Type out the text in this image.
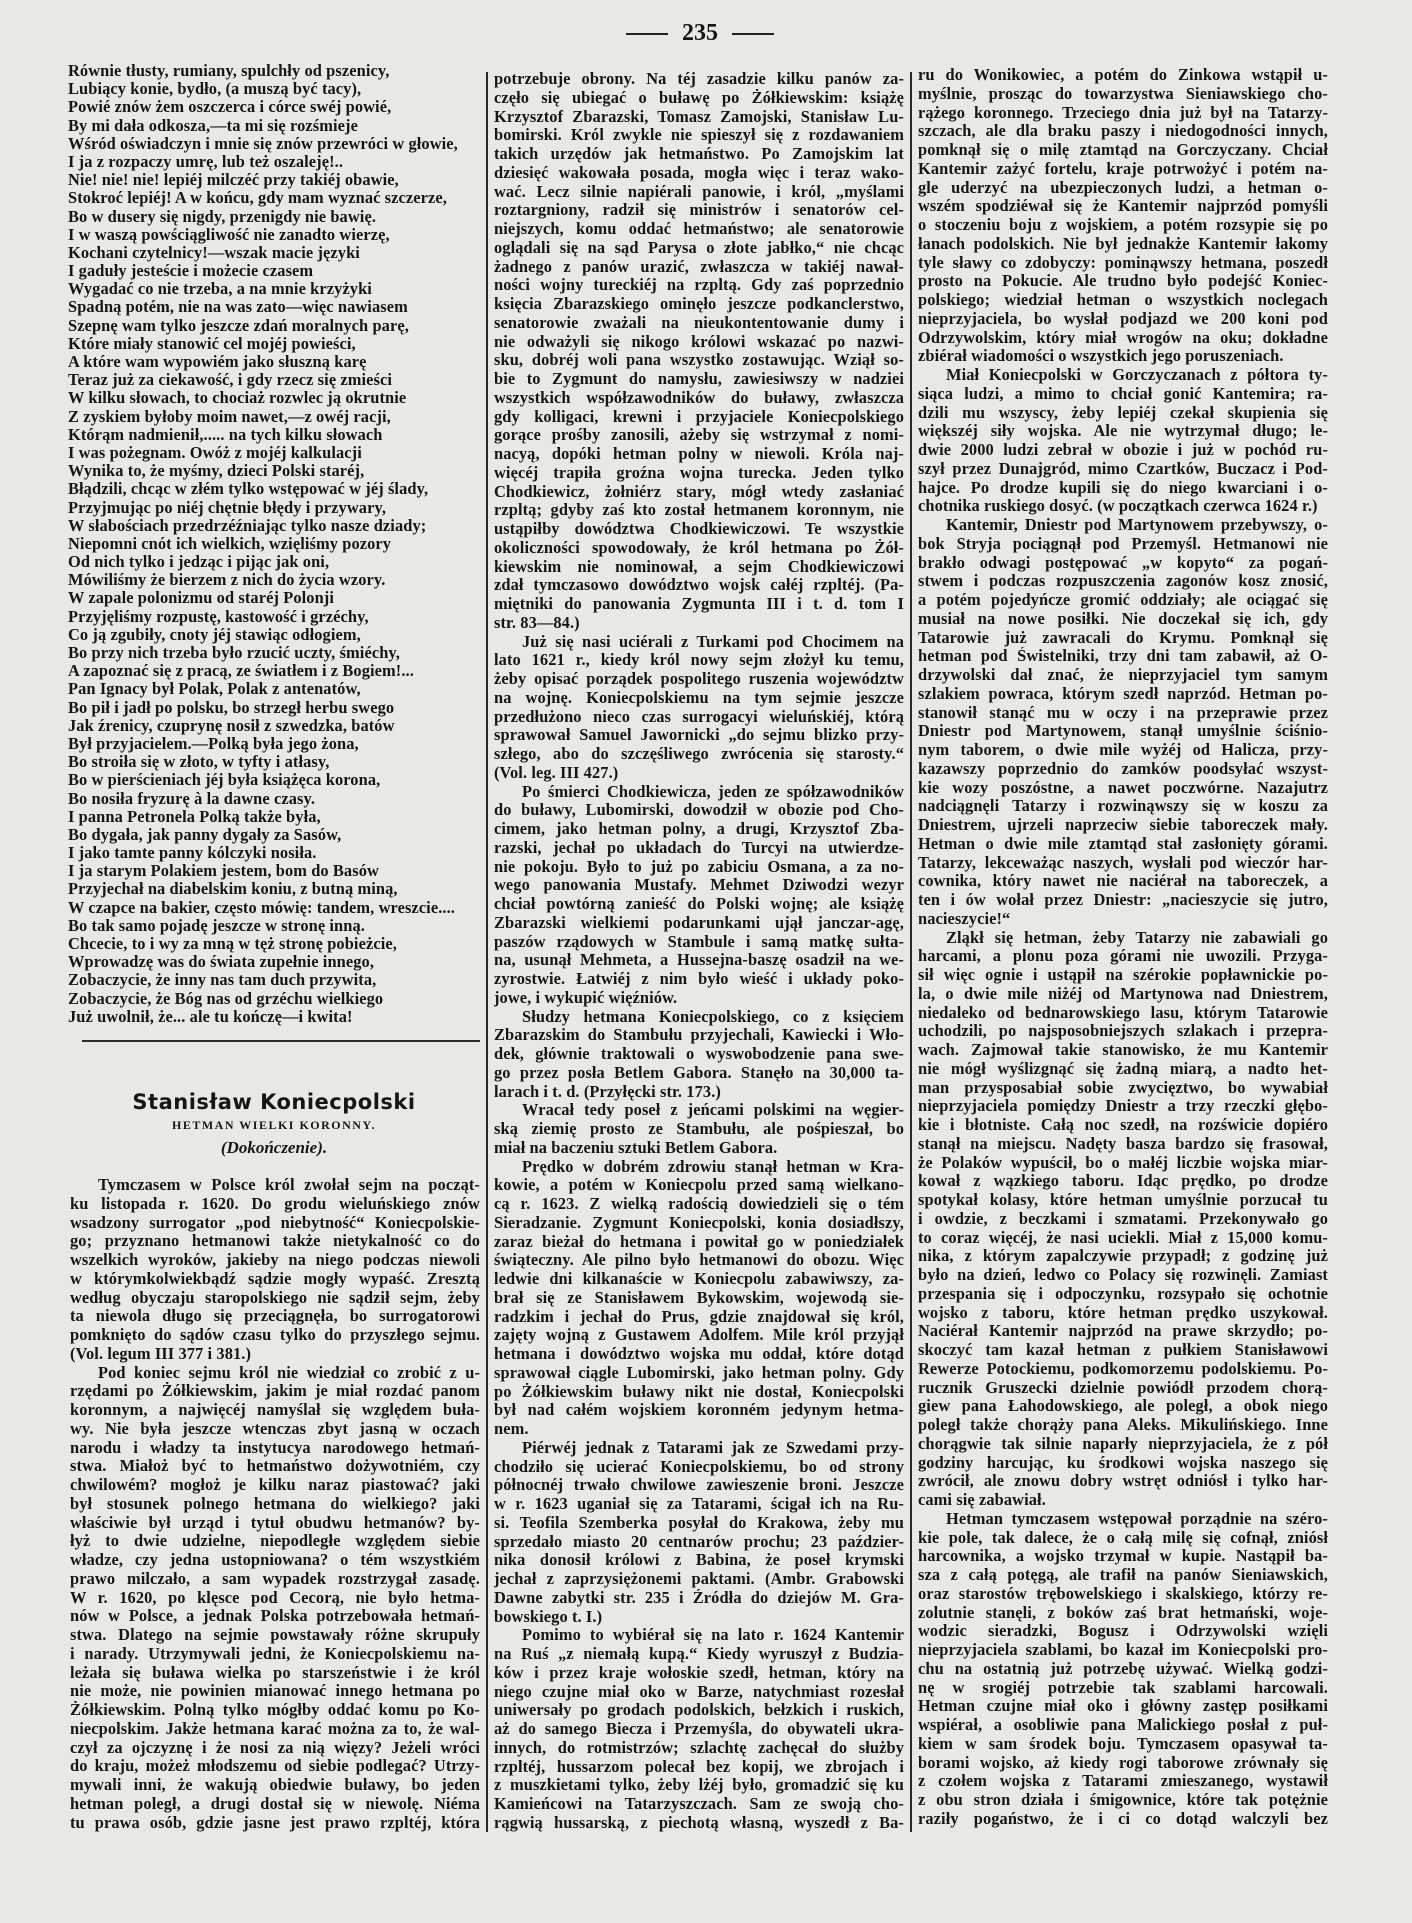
235
Równie tłusty, rumiany, spulchły od pszenicy,
Lubiący konie, bydło, (a muszą być tacy),
Powié znów żem oszczerca i córce swéj powié,
By mi dała odkosza,—ta mi się rozśmieje
Wśród oświadczyn i mnie się znów przewróci w głowie,
I ja z rozpaczy umrę, lub też oszaleję!..
Nie! nie! nie! lepiéj milczéć przy takiéj obawie,
Stokroć lepiéj! A w końcu, gdy mam wyznać szczerze,
Bo w dusery się nigdy, przenigdy nie bawię.
I w waszą powściągliwość nie zanadto wierzę,
Kochani czytelnicy!—wszak macie języki
I gaduły jesteście i możecie czasem
Wygadać co nie trzeba, a na mnie krzyżyki
Spadną potém, nie na was zato—więc nawiasem
Szepnę wam tylko jeszcze zdań moralnych parę,
Które miały stanowić cel mojéj powieści,
A które wam wypowiém jako słuszną karę
Teraz już za ciekawość, i gdy rzecz się zmieści
W kilku słowach, to chociaż rozwlec ją okrutnie
Z zyskiem byłoby moim nawet,—z owéj racji,
Którąm nadmienił,..... na tych kilku słowach
I was pożegnam. Owóż z mojéj kalkulacji
Wynika to, że myśmy, dzieci Polski staréj,
Błądzili, chcąc w złém tylko wstępować w jéj ślady,
Przyjmując po niéj chętnie błędy i przywary,
W słabościach przedrzéźniając tylko nasze dziady;
Niepomni cnót ich wielkich, wzięliśmy pozory
Od nich tylko i jedząc i pijąc jak oni,
Mówiliśmy że bierzem z nich do życia wzory.
W zapale polonizmu od staréj Polonji
Przyjęliśmy rozpustę, kastowość i grzéchy,
Co ją zgubiły, cnoty jéj stawiąc odłogiem,
Bo przy nich trzeba było rzucić uczty, śmiéchy,
A zapoznać się z pracą, ze światłem i z Bogiem!...
Pan Ignacy był Polak, Polak z antenatów,
Bo pił i jadł po polsku, bo strzegł herbu swego
Jak źrenicy, czuprynę nosił z szwedzka, batów
Był przyjacielem.—Polką była jego żona,
Bo stroiła się w złoto, w tyfty i atłasy,
Bo w pierścieniach jéj była książęca korona,
Bo nosiła fryzurę à la dawne czasy.
I panna Petronela Polką także była,
Bo dygała, jak panny dygały za Sasów,
I jako tamte panny kólczyki nosiła.
I ja starym Polakiem jestem, bom do Basów
Przyjechał na diabelskim koniu, z butną miną,
W czapce na bakier, często mówię: tandem, wreszcie....
Bo tak samo pojadę jeszcze w stronę inną.
Chcecie, to i wy za mną w tęż stronę pobieżcie,
Wprowadzę was do świata zupełnie innego,
Zobaczycie, że inny nas tam duch przywita,
Zobaczycie, że Bóg nas od grzéchu wielkiego
Już uwolnił, że... ale tu kończę—i kwita!
Stanisław Koniecpolski
HETMAN WIELKI KORONNY.
(Dokończenie).
Tymczasem w Polsce król zwołał sejm na począt-
ku listopada r. 1620. Do grodu wieluńskiego znów
wsadzony surrogator „pod niebytność“ Koniecpolskie-
go; przyznano hetmanowi także nietykalność co do
wszelkich wyroków, jakieby na niego podczas niewoli
w którymkolwiekbądź sądzie mogły wypaść. Zresztą
według obyczaju staropolskiego nie sądził sejm, żeby
ta niewola długo się przeciągnęła, bo surrogatorowi
pomknięto do sądów czasu tylko do przyszłego sejmu.
(Vol. legum III 377 i 381.)
Pod koniec sejmu król nie wiedział co zrobić z u-
rzędami po Żółkiewskim, jakim je miał rozdać panom
koronnym, a najwięcéj namyślał się względem buła-
wy. Nie była jeszcze wtenczas zbyt jasną w oczach
narodu i władzy ta instytucya narodowego hetmań-
stwa. Miałoż być to hetmaństwo dożywotniém, czy
chwilowém? mogłoż je kilku naraz piastować? jaki
był stosunek polnego hetmana do wielkiego? jaki
właściwie był urząd i tytuł obudwu hetmanów? by-
łyż to dwie udzielne, niepodległe względem siebie
władze, czy jedna ustopniowana? o tém wszystkiém
prawo milczało, a sam wypadek rozstrzygał zasadę.
W r. 1620, po klęsce pod Cecorą, nie było hetma-
nów w Polsce, a jednak Polska potrzebowała hetmań-
stwa. Dlatego na sejmie powstawały różne skrupuły
i narady. Utrzymywali jedni, że Koniecpolskiemu na-
leżała się buława wielka po starszeństwie i że król
nie może, nie powinien mianować innego hetmana po
Żółkiewskim. Polną tylko mógłby oddać komu po Ko-
niecpolskim. Jakże hetmana karać można za to, że wal-
czył za ojczyznę i że nosi za nią więzy? Jeżeli wróci
do kraju, możeż młodszemu od siebie podlegać? Utrzy-
mywali inni, że wakują obiedwie buławy, bo jeden
hetman poległ, a drugi dostał się w niewolę. Niéma
tu prawa osób, gdzie jasne jest prawo rzpltéj, która
potrzebuje obrony. Na téj zasadzie kilku panów za-
częło się ubiegać o buławę po Żółkiewskim: książę
Krzysztof Zbarazski, Tomasz Zamojski, Stanisław Lu-
bomirski. Król zwykle nie spieszył się z rozdawaniem
takich urzędów jak hetmaństwo. Po Zamojskim lat
dziesięć wakowała posada, mogła więc i teraz wako-
wać. Lecz silnie napiérali panowie, i król, „myślami
roztargniony, radził się ministrów i senatorów cel-
niejszych, komu oddać hetmaństwo; ale senatorowie
oglądali się na sąd Parysa o złote jabłko,“ nie chcąc
żadnego z panów urazić, zwłaszcza w takiéj nawał-
ności wojny tureckiéj na rzpltą. Gdy zaś poprzednio
księcia Zbarazskiego ominęło jeszcze podkanclerstwo,
senatorowie zważali na nieukontentowanie dumy i
nie odważyli się nikogo królowi wskazać po nazwi-
sku, dobréj woli pana wszystko zostawując. Wziął so-
bie to Zygmunt do namysłu, zawiesiwszy w nadziei
wszystkich współzawodników do buławy, zwłaszcza
gdy kolligaci, krewni i przyjaciele Koniecpolskiego
gorące prośby zanosili, ażeby się wstrzymał z nomi-
nacyą, dopóki hetman polny w niewoli. Króla naj-
więcéj trapiła groźna wojna turecka. Jeden tylko
Chodkiewicz, żołniérz stary, mógł wtedy zasłaniać
rzpltą; gdyby zaś kto został hetmanem koronnym, nie
ustąpiłby dowództwa Chodkiewiczowi. Te wszystkie
okoliczności spowodowały, że król hetmana po Żół-
kiewskim nie nominował, a sejm Chodkiewiczowi
zdał tymczasowo dowództwo wojsk całéj rzpltéj. (Pa-
miętniki do panowania Zygmunta III i t. d. tom I
str. 83—84.)
Już się nasi uciérali z Turkami pod Chocimem na
lato 1621 r., kiedy król nowy sejm złożył ku temu,
żeby opisać porządek pospolitego ruszenia województw
na wojnę. Koniecpolskiemu na tym sejmie jeszcze
przedłużono nieco czas surrogacyi wieluńskiéj, którą
sprawował Samuel Jawornicki „do sejmu blizko przy-
szłego, abo do szczęśliwego zwrócenia się starosty.“
(Vol. leg. III 427.)
Po śmierci Chodkiewicza, jeden ze spółzawodników
do buławy, Lubomirski, dowodził w obozie pod Cho-
cimem, jako hetman polny, a drugi, Krzysztof Zba-
razski, jechał po układach do Turcyi na utwierdze-
nie pokoju. Było to już po zabiciu Osmana, a za no-
wego panowania Mustafy. Mehmet Dziwodzi wezyr
chciał powtórną zanieść do Polski wojnę; ale książę
Zbarazski wielkiemi podarunkami ujął janczar-agę,
paszów rządowych w Stambule i samą matkę sułta-
na, usunął Mehmeta, a Hussejna-baszę osadził na we-
zyrostwie. Łatwiéj z nim było wieść i układy poko-
jowe, i wykupić więźniów.
Słudzy hetmana Koniecpolskiego, co z księciem
Zbarazskim do Stambułu przyjechali, Kawiecki i Wło-
dek, głównie traktowali o wyswobodzenie pana swe-
go przez posła Betlem Gabora. Stanęło na 30,000 ta-
larach i t. d. (Przyłęcki str. 173.)
Wracał tedy poseł z jeńcami polskimi na węgier-
ską ziemię prosto ze Stambułu, ale pośpieszał, bo
miał na baczeniu sztuki Betlem Gabora.
Prędko w dobrém zdrowiu stanął hetman w Kra-
kowie, a potém w Koniecpolu przed samą wielkano-
cą r. 1623. Z wielką radością dowiedzieli się o tém
Sieradzanie. Zygmunt Koniecpolski, konia dosiadłszy,
zaraz bieżał do hetmana i powitał go w poniedziałek
świąteczny. Ale pilno było hetmanowi do obozu. Więc
ledwie dni kilkanaście w Koniecpolu zabawiwszy, za-
brał się ze Stanisławem Bykowskim, wojewodą sie-
radzkim i jechał do Prus, gdzie znajdował się król,
zajęty wojną z Gustawem Adolfem. Mile król przyjął
hetmana i dowództwo wojska mu oddał, które dotąd
sprawował ciągle Lubomirski, jako hetman polny. Gdy
po Żółkiewskim buławy nikt nie dostał, Koniecpolski
był nad całém wojskiem koronném jedynym hetma-
nem.
Piérwéj jednak z Tatarami jak ze Szwedami przy-
chodziło się ucierać Koniecpolskiemu, bo od strony
północnéj trwało chwilowe zawieszenie broni. Jeszcze
w r. 1623 uganiał się za Tatarami, ścigał ich na Ru-
si. Teofila Szemberka posyłał do Krakowa, żeby mu
sprzedało miasto 20 centnarów prochu; 23 paździer-
nika donosił królowi z Babina, że poseł krymski
jechał z zaprzysiężonemi paktami. (Ambr. Grabowski
Dawne zabytki str. 235 i Źródła do dziejów M. Gra-
bowskiego t. I.)
Pomimo to wybiérał się na lato r. 1624 Kantemir
na Ruś „z niemałą kupą.“ Kiedy wyruszył z Budzia-
ków i przez kraje wołoskie szedł, hetman, który na
niego czujne miał oko w Barze, natychmiast rozesłał
uniwersały po grodach podolskich, bełzkich i ruskich,
aż do samego Biecza i Przemyśla, do obywateli ukra-
innych, do rotmistrzów; szlachtę zachęcał do służby
rzpltéj, hussarzom polecał bez kopij, we zbrojach i
z muszkietami tylko, żeby lżéj było, gromadzić się ku
Kamieńcowi na Tatarzyszczach. Sam ze swoją cho-
rągwią hussarską, z piechotą własną, wyszedł z Ba-
ru do Wonikowiec, a potém do Zinkowa wstąpił u-
myślnie, prosząc do towarzystwa Sieniawskiego cho-
rążego koronnego. Trzeciego dnia już był na Tatarzy-
szczach, ale dla braku paszy i niedogodności innych,
pomknął się o milę ztamtąd na Gorczyczany. Chciał
Kantemir zażyć fortelu, kraje potrwożyć i potém na-
gle uderzyć na ubezpieczonych ludzi, a hetman o-
wszém spodziéwał się że Kantemir najprzód pomyśli
o stoczeniu boju z wojskiem, a potém rozsypie się po
łanach podolskich. Nie był jednakże Kantemir łakomy
tyle sławy co zdobyczy: pominąwszy hetmana, poszedł
prosto na Pokucie. Ale trudno było podejść Koniec-
polskiego; wiedział hetman o wszystkich noclegach
nieprzyjaciela, bo wysłał podjazd we 200 koni pod
Odrzywolskim, który miał wrogów na oku; dokładne
zbiérał wiadomości o wszystkich jego poruszeniach.
Miał Koniecpolski w Gorczyczanach z półtora ty-
siąca ludzi, a mimo to chciał gonić Kantemira; ra-
dzili mu wszyscy, żeby lepiéj czekał skupienia się
większéj siły wojska. Ale nie wytrzymał długo; le-
dwie 2000 ludzi zebrał w obozie i już w pochód ru-
szył przez Dunajgród, mimo Czartków, Buczacz i Pod-
hajce. Po drodze kupili się do niego kwarciani i o-
chotnika ruskiego dosyć. (w początkach czerwca 1624 r.)
Kantemir, Dniestr pod Martynowem przebywszy, o-
bok Stryja pociągnął pod Przemyśl. Hetmanowi nie
brakło odwagi postępować „w kopyto“ za pogań-
stwem i podczas rozpuszczenia zagonów kosz znosić,
a potém pojedyńcze gromić oddziały; ale ociągać się
musiał na nowe posiłki. Nie doczekał się ich, gdy
Tatarowie już zawracali do Krymu. Pomknął się
hetman pod Świstelniki, trzy dni tam zabawił, aż O-
drzywolski dał znać, że nieprzyjaciel tym samym
szlakiem powraca, którym szedł naprzód. Hetman po-
stanowił stanąć mu w oczy i na przeprawie przez
Dniestr pod Martynowem, stanął umyślnie ściśnio-
nym taborem, o dwie mile wyżéj od Halicza, przy-
kazawszy poprzednio do zamków poodsyłać wszyst-
kie wozy poszóstne, a nawet poczwórne. Nazajutrz
nadciągnęli Tatarzy i rozwinąwszy się w koszu za
Dniestrem, ujrzeli naprzeciw siebie taboreczek mały.
Hetman o dwie mile ztamtąd stał zasłonięty górami.
Tatarzy, lekceważąc naszych, wysłali pod wieczór har-
cownika, który nawet nie naciérał na taboreczek, a
ten i ów wołał przez Dniestr: „nacieszycie się jutro,
nacieszycie!“
Zląkł się hetman, żeby Tatarzy nie zabawiali go
harcami, a plonu poza górami nie uwozili. Przyga-
sił więc ognie i ustąpił na szérokie popławnickie po-
la, o dwie mile niżéj od Martynowa nad Dniestrem,
niedaleko od bednarowskiego lasu, którym Tatarowie
uchodzili, po najsposobniejszych szlakach i przepra-
wach. Zajmował takie stanowisko, że mu Kantemir
nie mógł wyślizgnąć się żadną miarą, a nadto het-
man przysposabiał sobie zwycięztwo, bo wywabiał
nieprzyjaciela pomiędzy Dniestr a trzy rzeczki głębo-
kie i błotniste. Całą noc szedł, na rozświcie dopiéro
stanął na miejscu. Nadęty basza bardzo się frasował,
że Polaków wypuścił, bo o małéj liczbie wojska miar-
kował z wązkiego taboru. Idąc prędko, po drodze
spotykał kolasy, które hetman umyślnie porzucał tu
i owdzie, z beczkami i szmatami. Przekonywało go
to coraz więcéj, że nasi uciekli. Miał z 15,000 komu-
nika, z którym zapalczywie przypadł; z godzinę już
było na dzień, ledwo co Polacy się rozwinęli. Zamiast
przespania się i odpoczynku, rozsypało się ochotnie
wojsko z taboru, które hetman prędko uszykował.
Naciérał Kantemir najprzód na prawe skrzydło; po-
skoczyć tam kazał hetman z pułkiem Stanisławowi
Rewerze Potockiemu, podkomorzemu podolskiemu. Po-
rucznik Gruszecki dzielnie powiódł przodem chorą-
giew pana Łahodowskiego, ale poległ, a obok niego
poległ także chorąży pana Aleks. Mikulińskiego. Inne
chorągwie tak silnie naparły nieprzyjaciela, że z pół
godziny harcując, ku środkowi wojska naszego się
zwrócił, ale znowu dobry wstręt odniósł i tylko har-
cami się zabawiał.
Hetman tymczasem wstępował porządnie na széro-
kie pole, tak dalece, że o całą milę się cofnął, zniósł
harcownika, a wojsko trzymał w kupie. Nastąpił ba-
sza z całą potęgą, ale trafił na panów Sieniawskich,
oraz starostów trębowelskiego i skalskiego, którzy re-
zolutnie stanęli, z boków zaś brat hetmański, woje-
wodzic sieradzki, Bogusz i Odrzywolski wzięli
nieprzyjaciela szablami, bo kazał im Koniecpolski pro-
chu na ostatnią już potrzebę używać. Wielką godzi-
nę w srogiéj potrzebie tak szablami harcowali.
Hetman czujne miał oko i główny zastęp posiłkami
wspiérał, a osobliwie pana Malickiego posłał z puł-
kiem w sam środek boju. Tymczasem opasywał ta-
borami wojsko, aż kiedy rogi taborowe zrównały się
z czołem wojska z Tatarami zmieszanego, wystawił
z obu stron działa i śmigownice, które tak potężnie
raziły pogaństwo, że i ci co dotąd walczyli bez
